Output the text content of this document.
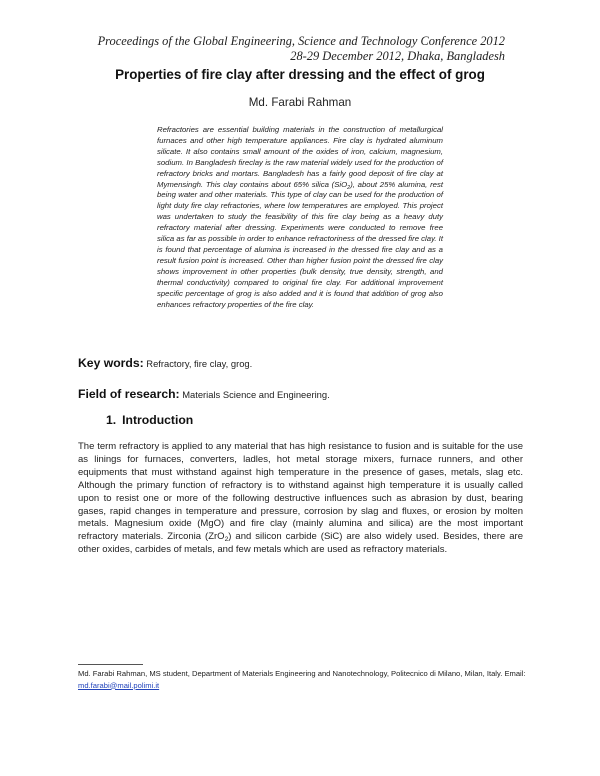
Proceedings of the Global Engineering, Science and Technology Conference 2012
28-29 December 2012, Dhaka, Bangladesh
Properties of fire clay after dressing and the effect of grog
Md. Farabi Rahman

Refractories are essential building materials in the construction of metallurgical furnaces and other high temperature appliances. Fire clay is hydrated aluminum silicate. It also contains small amount of the oxides of iron, calcium, magnesium, sodium. In Bangladesh fireclay is the raw material widely used for the production of refractory bricks and mortars. Bangladesh has a fairly good deposit of fire clay at Mymensingh. This clay contains about 65% silica (SiO$_2$), about 25% alumina, rest being water and other materials. This type of clay can be used for the production of light duty fire clay refractories, where low temperatures are employed. This project was undertaken to study the feasibility of this fire clay being as a heavy duty refractory material after dressing. Experiments were conducted to remove free silica as far as possible in order to enhance refractoriness of the dressed fire clay. It is found that percentage of alumina is increased in the dressed fire clay and as a result fusion point is increased. Other than higher fusion point the dressed fire clay shows improvement in other properties (bulk density, true density, strength, and thermal conductivity) compared to original fire clay. For additional improvement specific percentage of grog is also added and it is found that addition of grog also enhances refractory properties of the fire clay.

Key words: Refractory, fire clay, grog.
Field of research: Materials Science and Engineering.
1. Introduction

The term refractory is applied to any material that has high resistance to fusion and is suitable for the use as linings for furnaces, converters, ladles, hot metal storage mixers, furnace runners, and other equipments that must withstand against high temperature in the presence of gases, metals, slag etc. Although the primary function of refractory is to withstand against high temperature it is usually called upon to resist one or more of the following destructive influences such as abrasion by dust, bearing gases, rapid changes in temperature and pressure, corrosion by slag and fluxes, or erosion by molten metals. Magnesium oxide (MgO) and fire clay (mainly alumina and silica) are the most important refractory materials. Zirconia (ZrO$_2$) and silicon carbide (SiC) are also widely used. Besides, there are other oxides, carbides of metals, and few metals which are used as refractory materials.

Md. Farabi Rahman, MS student, Department of Materials Engineering and Nanotechnology, Politecnico di Milano, Milan, Italy. Email: md.farabi@mail.polimi.it
